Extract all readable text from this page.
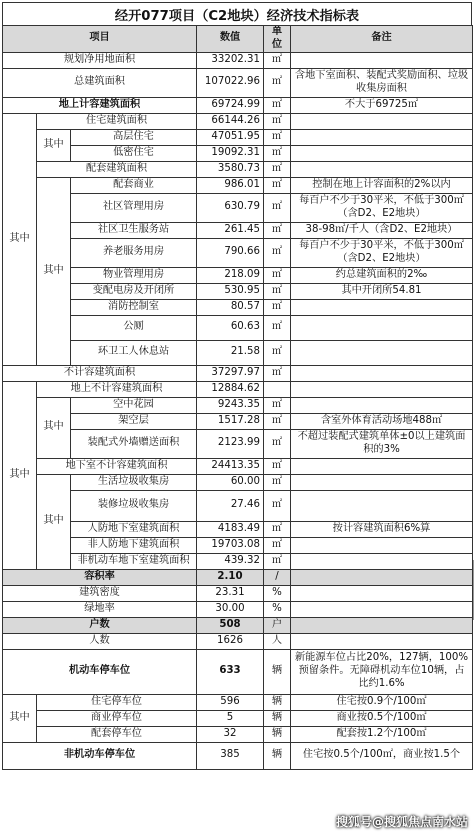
经开077项目（C2地块）经济技术指标表
项目			数值	单位	备注
规划净用地面积			33202.31	㎡	
总建筑面积			107022.96	㎡	含地下室面积、装配式奖励面积、垃圾收集房面积
地上计容建筑面积			69724.99	㎡	不大于69725㎡
其中	住宅建筑面积		66144.26	㎡	
	其中	高层住宅	47051.95	㎡	
		低密住宅	19092.31	㎡	
	配套建筑面积		3580.73	㎡	
	其中	配套商业	986.01	㎡	控制在地上计容面积的2%以内
		社区管理用房	630.79	㎡	每百户不少于30平米，不低于300㎡（含D2、E2地块）
		社区卫生服务站	261.45	㎡	38-98㎡/千人（含D2、E2地块）
		养老服务用房	790.66	㎡	每百户不少于30平米，不低于300㎡（含D2、E2地块）
		物业管理用房	218.09	㎡	约总建筑面积的2‰
		变配电房及开闭所	530.95	㎡	其中开闭所54.81
		消防控制室	80.57	㎡	
		公厕	60.63	㎡	
		环卫工人休息站	21.58	㎡	
不计容建筑面积			37297.97	㎡	
其中	地上不计容建筑面积		12884.62		
	其中	空中花园	9243.35	㎡	
		架空层	1517.28	㎡	含室外体育活动场地488㎡
		装配式外墙赠送面积	2123.99	㎡	不超过装配式建筑单体±0以上建筑面积的3%
	地下室不计容建筑面积		24413.35	㎡	
	其中	生活垃圾收集房	60.00	㎡	
		装修垃圾收集房	27.46	㎡	
		人防地下室建筑面积	4183.49	㎡	按计容建筑面积6%算
		非人防地下建筑面积	19703.08	㎡	
		非机动车地下室建筑面积	439.32	㎡	
容积率			2.10	/	
建筑密度			23.31	%	
绿地率			30.00	%	
户数			508	户	
人数			1626	人	
机动车停车位			633	辆	新能源车位占比20%，127辆，100%预留条件。无障碍机动车位10辆，占比约1.6%
其中	住宅停车位		596	辆	住宅按0.9个/100㎡
	商业停车位		5	辆	商业按0.5个/100㎡
	配套停车位		32	辆	配套按1.2个/100㎡
非机动车停车位			385	辆	住宅按0.5个/100㎡，商业按1.5个
搜狐号@搜狐焦点南水站
